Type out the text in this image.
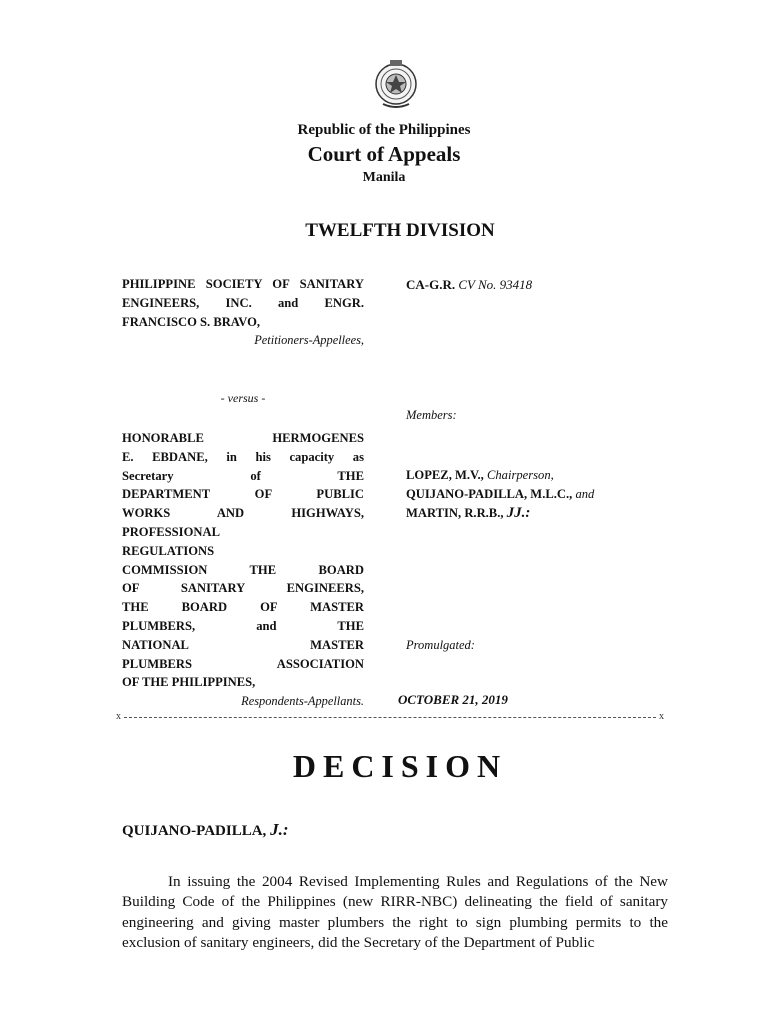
Republic of the Philippines
Court of Appeals
Manila
TWELFTH DIVISION
PHILIPPINE SOCIETY OF SANITARY ENGINEERS, INC. and ENGR. FRANCISCO S. BRAVO,
Petitioners-Appellees,
- versus -
HONORABLE HERMOGENES
E. EBDANE, in his capacity as
Secretary of THE
DEPARTMENT OF PUBLIC
WORKS AND HIGHWAYS,
PROFESSIONAL
REGULATIONS
COMMISSION THE BOARD
OF SANITARY ENGINEERS,
THE BOARD OF MASTER
PLUMBERS, and THE
NATIONAL MASTER
PLUMBERS ASSOCIATION
OF THE PHILIPPINES,
Respondents-Appellants.
CA-G.R. CV No. 93418
Members:
LOPEZ, M.V., Chairperson,
QUIJANO-PADILLA, M.L.C., and
MARTIN, R.R.B., JJ.:
Promulgated:
OCTOBER 21, 2019
x	x
DECISION
QUIJANO-PADILLA, J.:
In issuing the 2004 Revised Implementing Rules and Regulations of the New Building Code of the Philippines (new RIRR-NBC) delineating the field of sanitary engineering and giving master plumbers the right to sign plumbing permits to the exclusion of sanitary engineers, did the Secretary of the Department of Public
